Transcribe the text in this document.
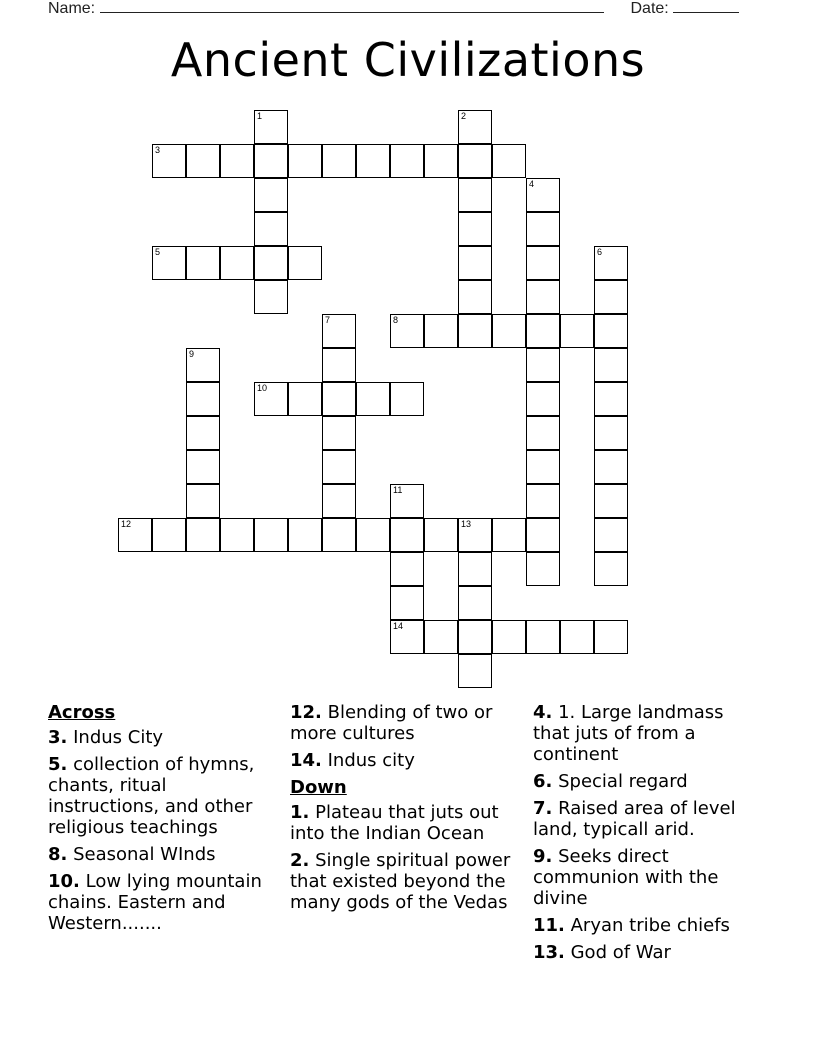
Name:	Date:
Ancient Civilizations
3
5
8
10
12	13
14
1	2
4
6
7
9
11
Across
3. Indus City
5. collection of hymns, chants, ritual instructions, and other religious teachings
8. Seasonal WInds
10. Low lying mountain chains. Eastern and Western.......
12. Blending of two or more cultures
14. Indus city
Down
1. Plateau that juts out into the Indian Ocean
2. Single spiritual power that existed beyond the many gods of the Vedas
4. 1. Large landmass that juts of from a continent
6. Special regard
7. Raised area of level land, typicall arid.
9. Seeks direct communion with the divine
11. Aryan tribe chiefs
13. God of War
